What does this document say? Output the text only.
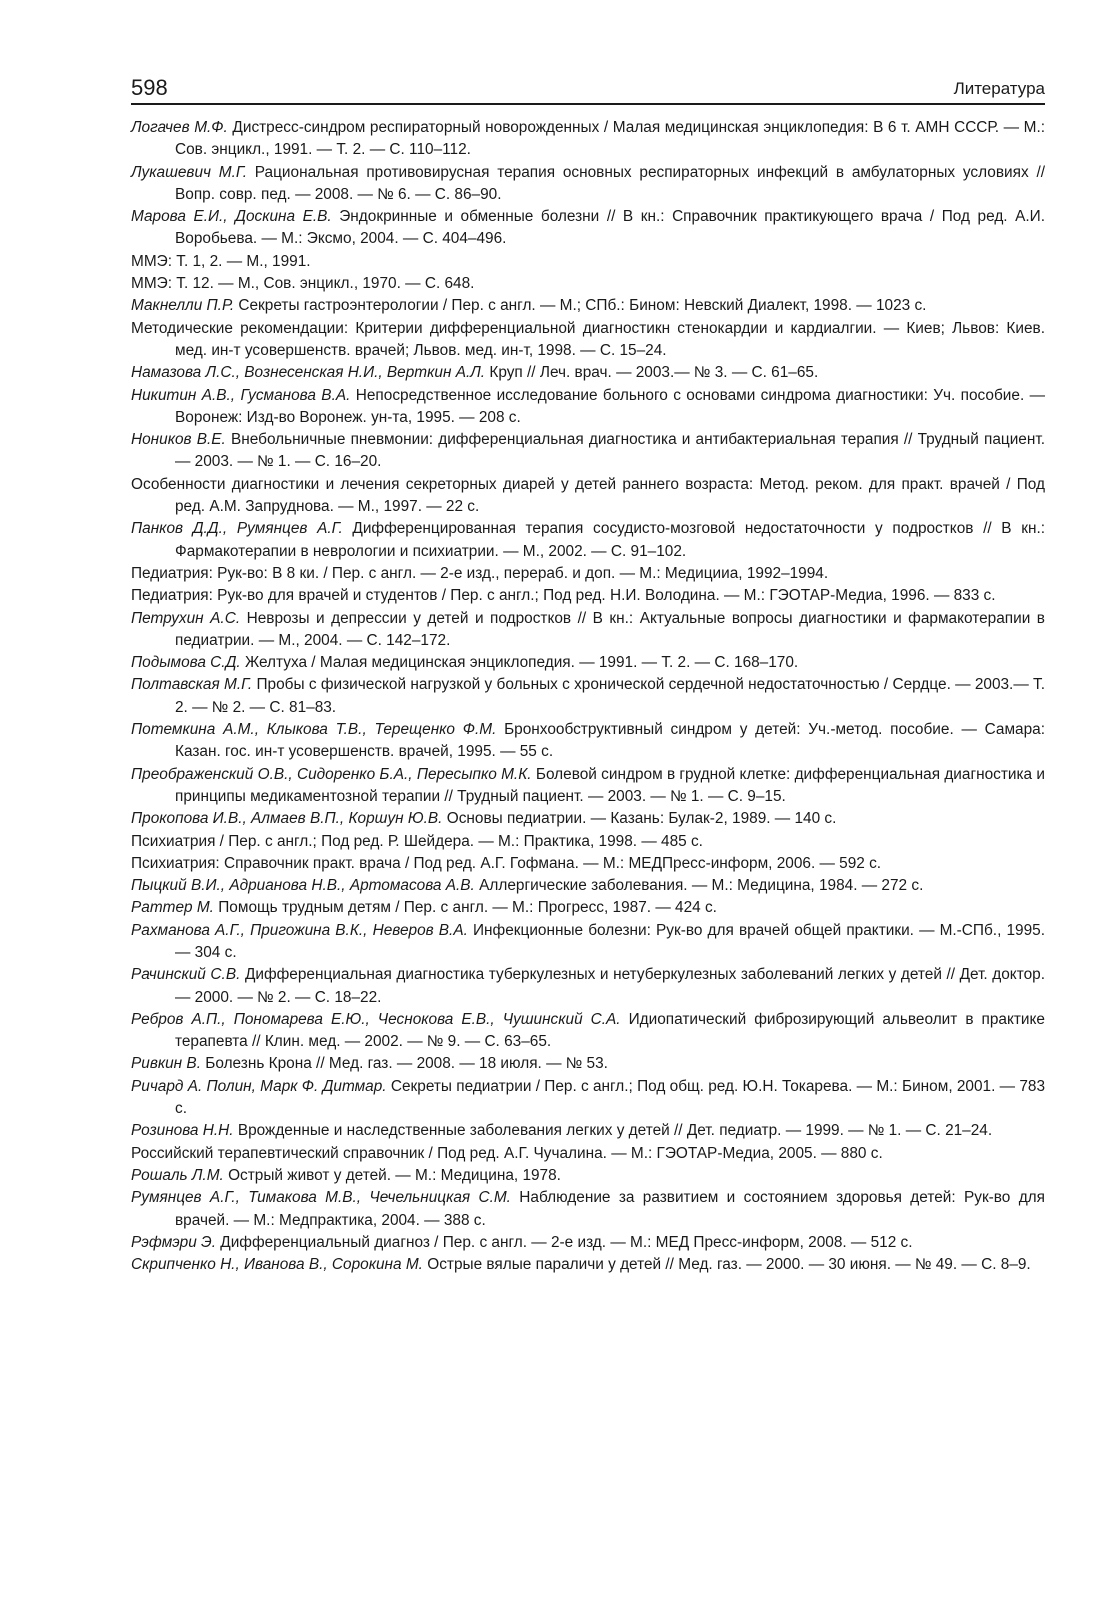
598	Литература
Логачев М.Ф. Дистресс-синдром респираторный новорожденных / Малая медицинская энциклопедия: В 6 т. АМН СССР. — М.: Сов. энцикл., 1991. — Т. 2. — С. 110–112.
Лукашевич М.Г. Рациональная противовирусная терапия основных респираторных инфекций в амбулаторных условиях // Вопр. совр. пед. — 2008. — № 6. — С. 86–90.
Марова Е.И., Доскина Е.В. Эндокринные и обменные болезни // В кн.: Справочник практикующего врача / Под ред. А.И. Воробьева. — М.: Эксмо, 2004. — С. 404–496.
ММЭ: Т. 1, 2. — М., 1991.
ММЭ: Т. 12. — М., Сов. энцикл., 1970. — С. 648.
Макнелли П.Р. Секреты гастроэнтерологии / Пер. с англ. — М.; СПб.: Бином: Невский Диалект, 1998. — 1023 с.
Методические рекомендации: Критерии дифференциальной диагностикн стенокардии и кардиалгии. — Киев; Львов: Киев. мед. ин-т усовершенств. врачей; Львов. мед. ин-т, 1998. — С. 15–24.
Намазова Л.С., Вознесенская Н.И., Верткин А.Л. Круп // Леч. врач. — 2003.— № 3. — С. 61–65.
Никитин А.В., Гусманова В.А. Непосредственное исследование больного с основами синдрома диагностики: Уч. пособие. — Воронеж: Изд-во Воронеж. ун-та, 1995. — 208 с.
Ноников В.Е. Внебольничные пневмонии: дифференциальная диагностика и антибактериальная терапия // Трудный пациент. — 2003. — № 1. — С. 16–20.
Особенности диагностики и лечения секреторных диарей у детей раннего возраста: Метод. реком. для практ. врачей / Под ред. А.М. Запруднова. — М., 1997. — 22 с.
Панков Д.Д., Румянцев А.Г. Дифференцированная терапия сосудисто-мозговой недостаточности у подростков // В кн.: Фармакотерапии в неврологии и психиатрии. — М., 2002. — С. 91–102.
Педиатрия: Рук-во: В 8 ки. / Пер. с англ. — 2-е изд., перераб. и доп. — М.: Медицииа, 1992–1994.
Педиатрия: Рук-во для врачей и студентов / Пер. с англ.; Под ред. Н.И. Володина. — М.: ГЭОТАР-Медиа, 1996. — 833 с.
Петрухин А.С. Неврозы и депрессии у детей и подростков // В кн.: Актуальные вопросы диагностики и фармакотерапии в педиатрии. — М., 2004. — С. 142–172.
Подымова С.Д. Желтуха / Малая медицинская энциклопедия. — 1991. — Т. 2. — С. 168–170.
Полтавская М.Г. Пробы с физической нагрузкой у больных с хронической сердечной недостаточностью / Сердце. — 2003.— Т. 2. — № 2. — С. 81–83.
Потемкина А.М., Клыкова Т.В., Терещенко Ф.М. Бронхообструктивный синдром у детей: Уч.-метод. пособие. — Самара: Казан. гос. ин-т усовершенств. врачей, 1995. — 55 с.
Преображенский О.В., Сидоренко Б.А., Пересыпко М.К. Болевой синдром в грудной клетке: дифференциальная диагностика и принципы медикаментозной терапии // Трудный пациент. — 2003. — № 1. — С. 9–15.
Прокопова И.В., Алмаев В.П., Коршун Ю.В. Основы педиатрии. — Казань: Булак-2, 1989. — 140 с.
Психиатрия / Пер. с англ.; Под ред. Р. Шейдера. — М.: Практика, 1998. — 485 с.
Психиатрия: Справочник практ. врача / Под ред. А.Г. Гофмана. — М.: МЕДПресс-информ, 2006. — 592 с.
Пыцкий В.И., Адрианова Н.В., Артомасова А.В. Аллергические заболевания. — М.: Медицина, 1984. — 272 с.
Раттер М. Помощь трудным детям / Пер. с англ. — М.: Прогресс, 1987. — 424 с.
Рахманова А.Г., Пригожина В.К., Неверов В.А. Инфекционные болезни: Рук-во для врачей общей практики. — М.-СПб., 1995. — 304 с.
Рачинский С.В. Дифференциальная диагностика туберкулезных и нетуберкулезных заболеваний легких у детей // Дет. доктор. — 2000. — № 2. — С. 18–22.
Ребров А.П., Пономарева Е.Ю., Чеснокова Е.В., Чушинский С.А. Идиопатический фиброзирующий альвеолит в практике терапевта // Клин. мед. — 2002. — № 9. — С. 63–65.
Ривкин В. Болезнь Крона // Мед. газ. — 2008. — 18 июля. — № 53.
Ричард А. Полин, Марк Ф. Дитмар. Секреты педиатрии / Пер. с англ.; Под общ. ред. Ю.Н. Токарева. — М.: Бином, 2001. — 783 с.
Розинова Н.Н. Врожденные и наследственные заболевания легких у детей // Дет. педиатр. — 1999. — № 1. — С. 21–24.
Российский терапевтический справочник / Под ред. А.Г. Чучалина. — М.: ГЭОТАР-Медиа, 2005. — 880 с.
Рошаль Л.М. Острый живот у детей. — М.: Медицина, 1978.
Румянцев А.Г., Тимакова М.В., Чечельницкая С.М. Наблюдение за развитием и состоянием здоровья детей: Рук-во для врачей. — М.: Медпрактика, 2004. — 388 с.
Рэфмэри Э. Дифференциальный диагноз / Пер. с англ. — 2-е изд. — М.: МЕД Пресс-информ, 2008. — 512 с.
Скрипченко Н., Иванова В., Сорокина М. Острые вялые параличи у детей // Мед. газ. — 2000. — 30 июня. — № 49. — С. 8–9.
